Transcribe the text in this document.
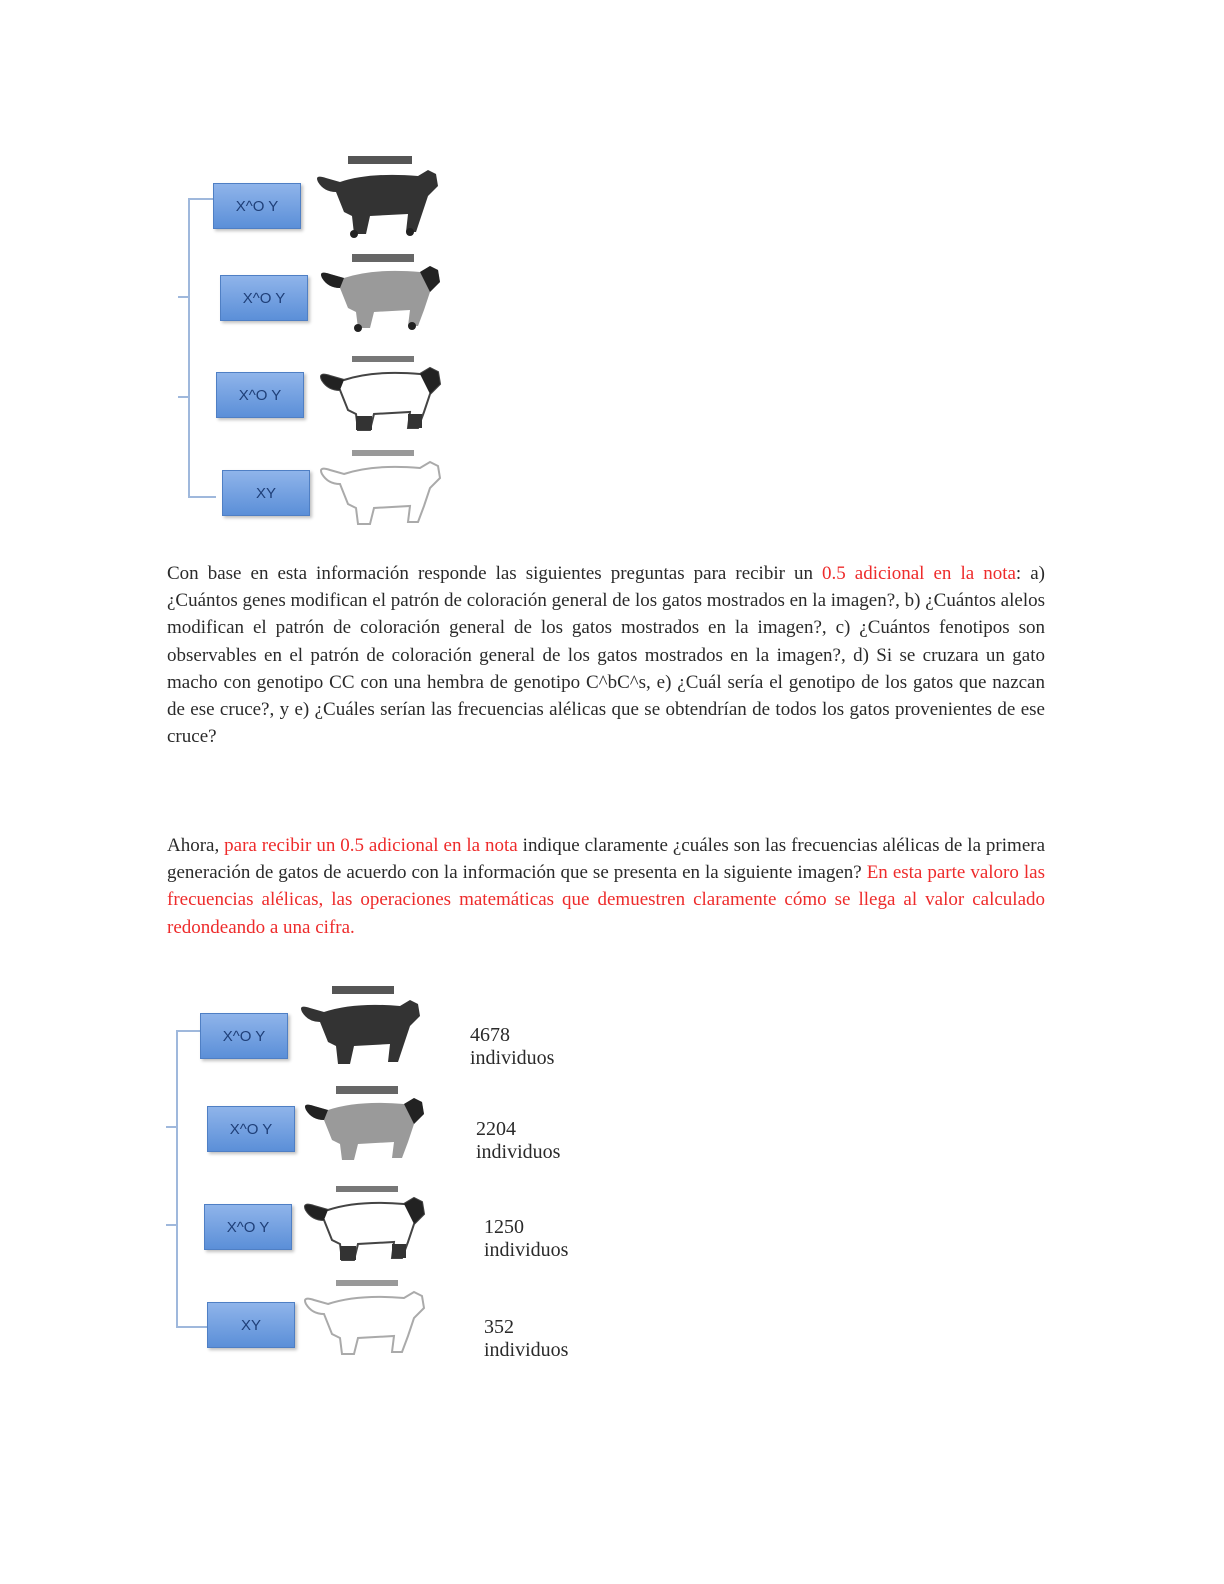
X^O Y
X^O Y
X^O Y
XY

Con base en esta información responde las siguientes preguntas para recibir un 0.5 adicional en la nota: a) ¿Cuántos genes modifican el patrón de coloración general de los gatos mostrados en la imagen?, b) ¿Cuántos alelos modifican el patrón de coloración general de los gatos mostrados en la imagen?, c) ¿Cuántos fenotipos son observables en el patrón de coloración general de los gatos mostrados en la imagen?, d) Si se cruzara un gato macho con genotipo CC con una hembra de genotipo C^bC^s, e) ¿Cuál sería el genotipo de los gatos que nazcan de ese cruce?, y e) ¿Cuáles serían las frecuencias alélicas que se obtendrían de todos los gatos provenientes de ese cruce?

Ahora, para recibir un 0.5 adicional en la nota indique claramente ¿cuáles son las frecuencias alélicas de la primera generación de gatos de acuerdo con la información que se presenta en la siguiente imagen? En esta parte valoro las frecuencias alélicas, las operaciones matemáticas que demuestren claramente cómo se llega al valor calculado redondeando a una cifra.

X^O Y
X^O Y
X^O Y
XY
4678 individuos
2204 individuos
1250 individuos
352 individuos
